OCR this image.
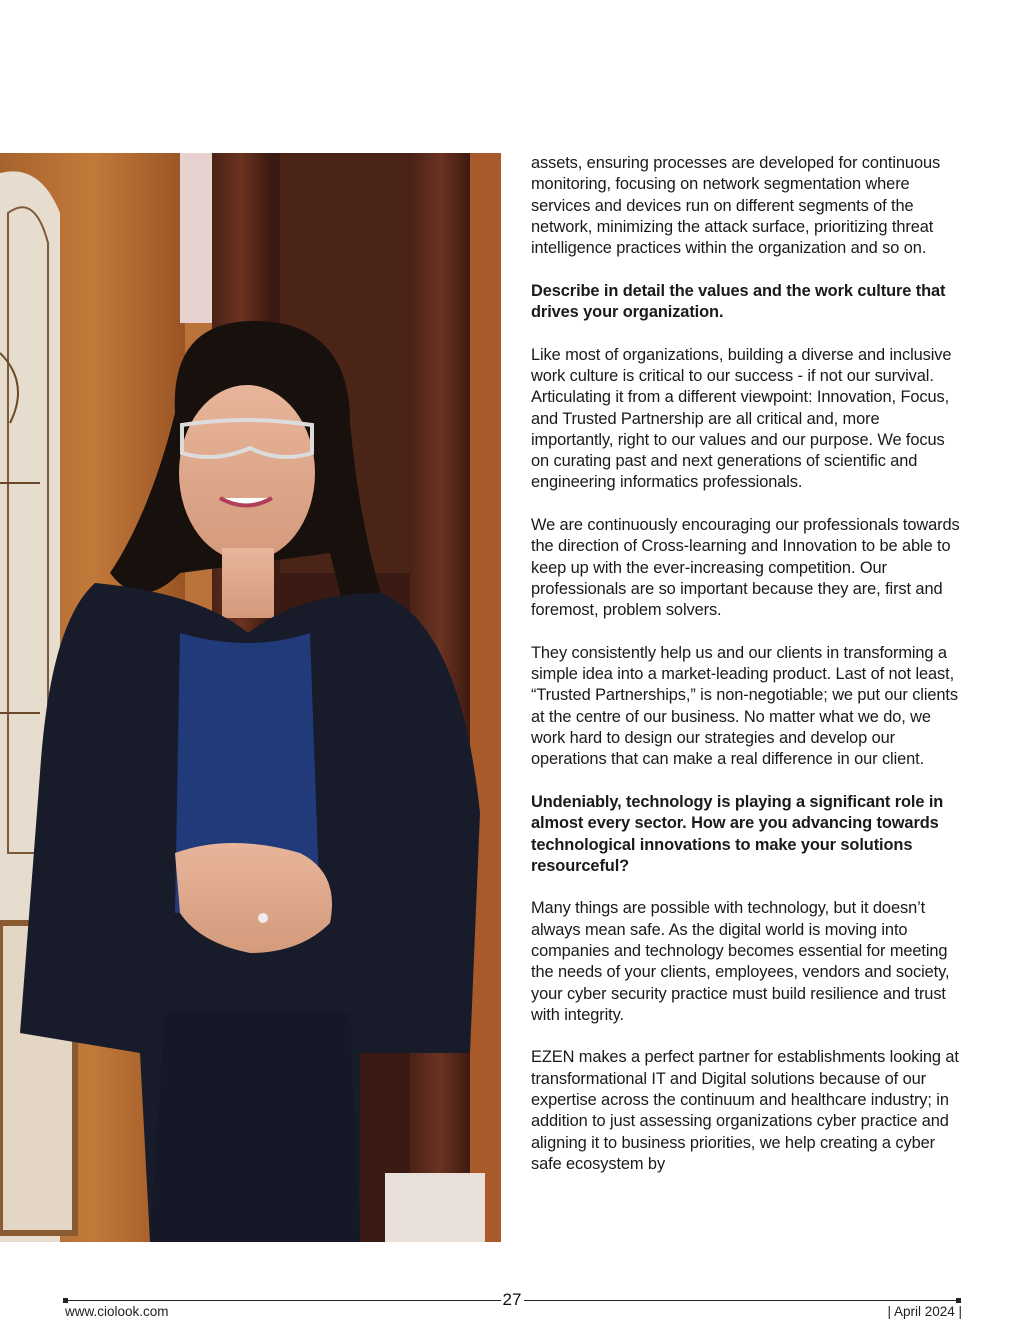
assets, ensuring processes are developed for continuous monitoring, focusing on network segmentation where services and devices run on different segments of the network, minimizing the attack surface, prioritizing threat intelligence practices within the organization and so on.

Describe in detail the values and the work culture that drives your organization.

Like most of organizations, building a diverse and inclusive work culture is critical to our success - if not our survival. Articulating it from a different viewpoint: Innovation, Focus, and Trusted Partnership are all critical and, more importantly, right to our values and our purpose. We focus on curating past and next generations of scientific and engineering informatics professionals.

We are continuously encouraging our professionals towards the direction of Cross-learning and Innovation to be able to keep up with the ever-increasing competition. Our professionals are so important because they are, first and foremost, problem solvers.

They consistently help us and our clients in transforming a simple idea into a market-leading product. Last of not least, “Trusted Partnerships,” is non-negotiable; we put our clients at the centre of our business. No matter what we do, we work hard to design our strategies and develop our operations that can make a real difference in our client.

Undeniably, technology is playing a significant role in almost every sector. How are you advancing towards technological innovations to make your solutions resourceful?

Many things are possible with technology, but it doesn’t always mean safe. As the digital world is moving into companies and technology becomes essential for meeting the needs of your clients, employees, vendors and society, your cyber security practice must build resilience and trust with integrity.

EZEN makes a perfect partner for establishments looking at transformational IT and Digital solutions because of our expertise across the continuum and healthcare industry; in addition to just assessing organizations cyber practice and aligning it to business priorities, we help creating a cyber safe ecosystem by

27
www.ciolook.com	| April 2024 |
